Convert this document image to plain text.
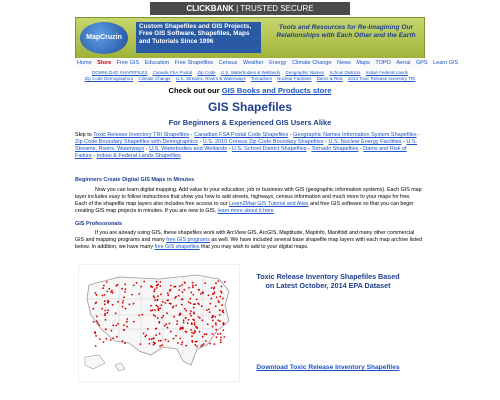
CLICKBANK | TRUSTED SECURE
MapCruzin
Custom Shapefiles and GIS Projects,
Free GIS Software, Shapefiles, Maps
and Tutorials Since 1996
Tools and Resources for Re-Imagining Our
Relationships with Each Other and the Earth
Home Store Free GIS Education Free Shapefiles Census Weather Energy Climate Change News Maps TOPO Aerial GPS Learn GIS
DOWNLOAD SHAPEFILES Canada FSA Postal Zip Code U.S. Waterbodies & Wetlands Geographic Names School Districts Indian Federal Lands
Zip Code Demographics Climate Change U.S. Streams, Rivers & Waterways Tornadoes Nuclear Facilities Dams & Risk 2013 Toxic Release Inventory TRI
Check out our GIS Books and Products store
GIS Shapefiles
For Beginners & Experienced GIS Users Alike
Skip to Toxic Release Inventory TRI Shapefiles - Canadian FSA Postal Code Shapefiles - Geographic Names Information System Shapefiles - Zip Code Boundary Shapefiles with Demographics - U.S. 2010 Census Zip Code Boundary Shapefiles - U.S. Nuclear Energy Facilities - U.S. Streams, Rivers, Waterways - U.S. Waterbodies and Wetlands - U.S. School District Shapefiles - Tornado Shapefiles - Dams and Risk of Failure - Indian & Federal Lands Shapefiles
Beginners Create Digital GIS Maps in Minutes
Now you can learn digital mapping. Add value to your education, job or business with GIS (geographic information systems). Each GIS map layer includes easy to follow instructions that show you how to add streets, highways, census information and much more to your maps for free. Each of the shapefile map layers also includes free access to our Learn2Map GIS Tutorial and Atlas and free GIS software so that you can begin creating GIS map projects in minutes. If you are new to GIS, learn more about it here
GIS Professionals
If you are already using GIS, these shapefiles work with ArcView GIS, ArcGIS, Maptitude, MapInfo, Manifold and many other commercial GIS and mapping programs and many free GIS programs as well. We have included several base shapefile map layers with each map archive listed below. In addition, we have many free GIS shapefiles that you may wish to add to your digital maps.
Toxic Release Inventory Shapefiles Based
on Latest October, 2014 EPA Dataset
Download Toxic Release Inventory Shapefiles
